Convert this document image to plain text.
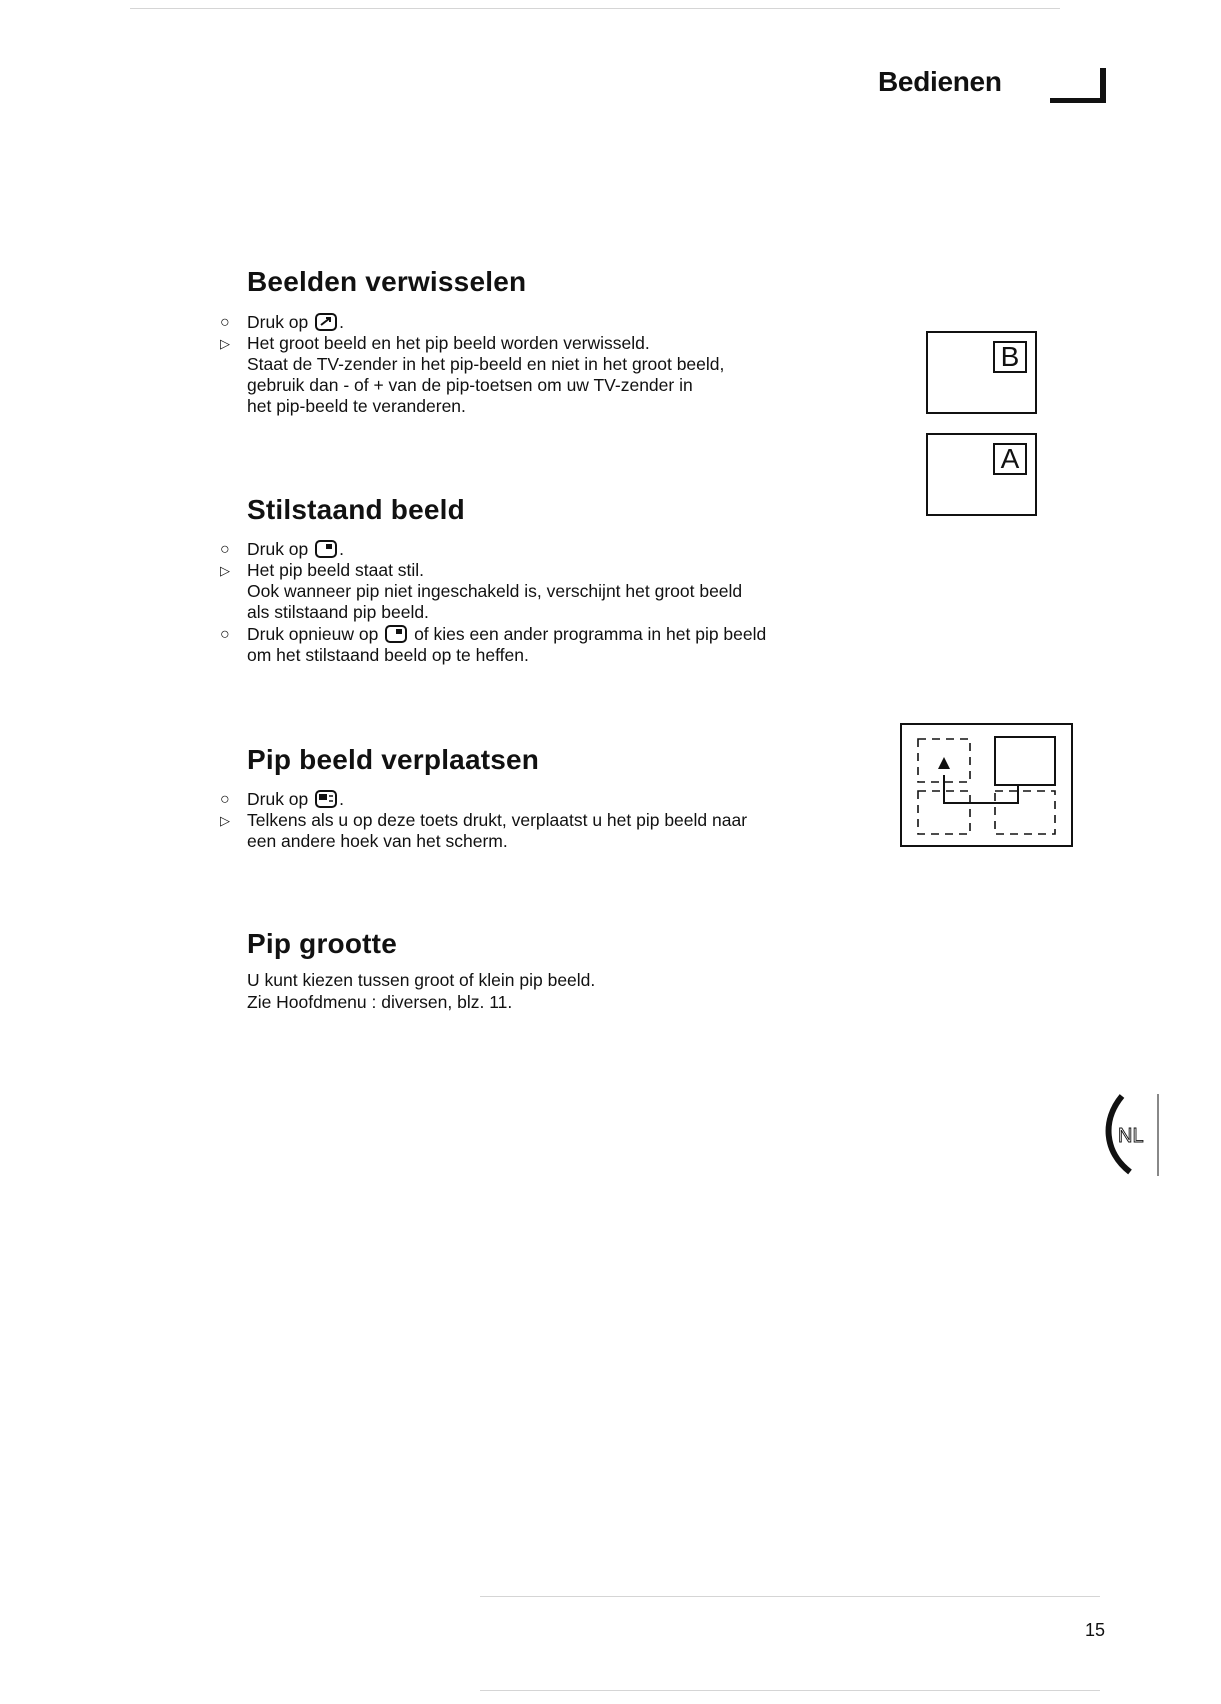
Bedienen
Beelden verwisselen
○ Druk op .
▷ Het groot beeld en het pip beeld worden verwisseld.
Staat de TV-zender in het pip-beeld en niet in het groot beeld,
gebruik dan - of + van de pip-toetsen om uw TV-zender in
het pip-beeld te veranderen.
B
A
Stilstaand beeld
○ Druk op .
▷ Het pip beeld staat stil.
Ook wanneer pip niet ingeschakeld is, verschijnt het groot beeld
als stilstaand pip beeld.
○ Druk opnieuw op of kies een ander programma in het pip beeld
om het stilstaand beeld op te heffen.
Pip beeld verplaatsen
○ Druk op .
▷ Telkens als u op deze toets drukt, verplaatst u het pip beeld naar
een andere hoek van het scherm.
Pip grootte
U kunt kiezen tussen groot of klein pip beeld.
Zie Hoofdmenu : diversen, blz. 11.
NL
15
